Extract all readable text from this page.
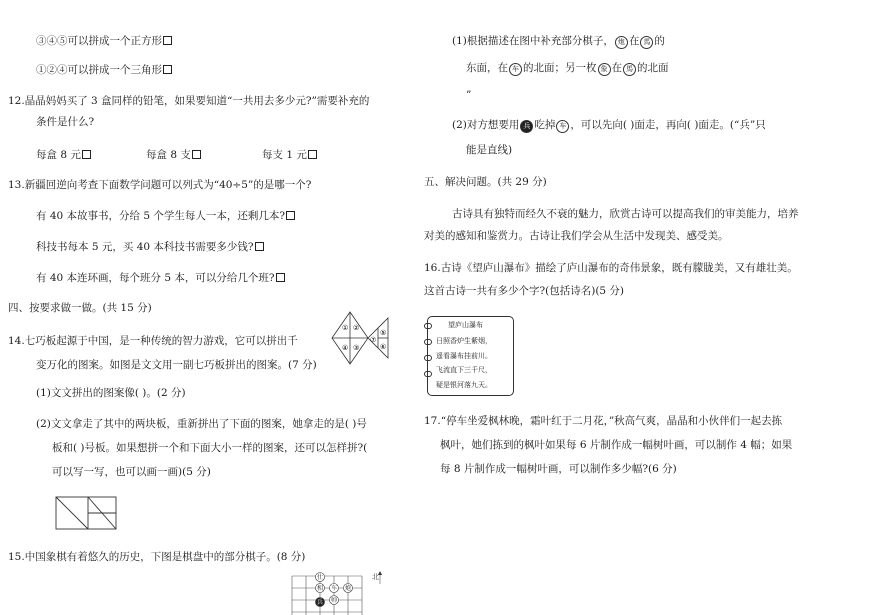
③④⑤可以拼成一个正方形
①②④可以拼成一个三角形
12.晶晶妈妈买了 3 盒同样的铅笔，如果要知道“一共用去多少元?”需要补充的
条件是什么?
每盒 8 元	每盒 8 支	每支 1 元
13.新疆回逆向考查下面数学问题可以列式为“40÷5”的是哪一个?
有 40 本故事书，分给 5 个学生每人一本，还剩几本?
科技书每本 5 元，买 40 本科技书需要多少钱?
有 40 本连环画，每个班分 5 本，可以分给几个班?
四、按要求做一做。(共 15 分)
14.七巧板起源于中国，是一种传统的智力游戏，它可以拼出千
变万化的图案。如图是文文用一副七巧板拼出的图案。(7 分)
① ②
④ ③
⑤
⑥
⑦
(1)文文拼出的图案像( )。(2 分)
(2)文文拿走了其中的两块板，重新拼出了下面的图案，她拿走的是( )号
板和( )号板。如果想拼一个和下面大小一样的图案，还可以怎样拼?(
可以写一写，也可以画一画)(5 分)
15.中国象棋有着悠久的历史，下图是棋盘中的部分棋子。(8 分)
北
仕
相 车 炮
帅
兵
(1)根据描述在图中补充部分棋子， 炮 在 馬 的
东面，在 车 的北面；另一枚 象 在 馬 的北面
”
(2)对方想要用 兵 吃掉 车 ，可以先向( )面走，再向( )面走。(“兵”只
能是直线)
五、解决问题。(共 29 分)
古诗具有独特而经久不衰的魅力，欣赏古诗可以提高我们的审美能力，培养
对美的感知和鉴赏力。古诗让我们学会从生活中发现美、感受美。
16.古诗《望庐山瀑布》描绘了庐山瀑布的奇伟景象，既有朦胧美，又有雄壮美。
这首古诗一共有多少个字?(包括诗名)(5 分)
望庐山瀑布
日照香炉生紫烟，
遥看瀑布挂前川。
飞流直下三千尺，
疑是银河落九天。
17.“停车坐爱枫林晚，霜叶红于二月花，”秋高气爽，晶晶和小伙伴们一起去拣
枫叶，她们拣到的枫叶如果每 6 片制作成一幅树叶画，可以制作 4 幅；如果
每 8 片制作成一幅树叶画，可以制作多少幅?(6 分)
